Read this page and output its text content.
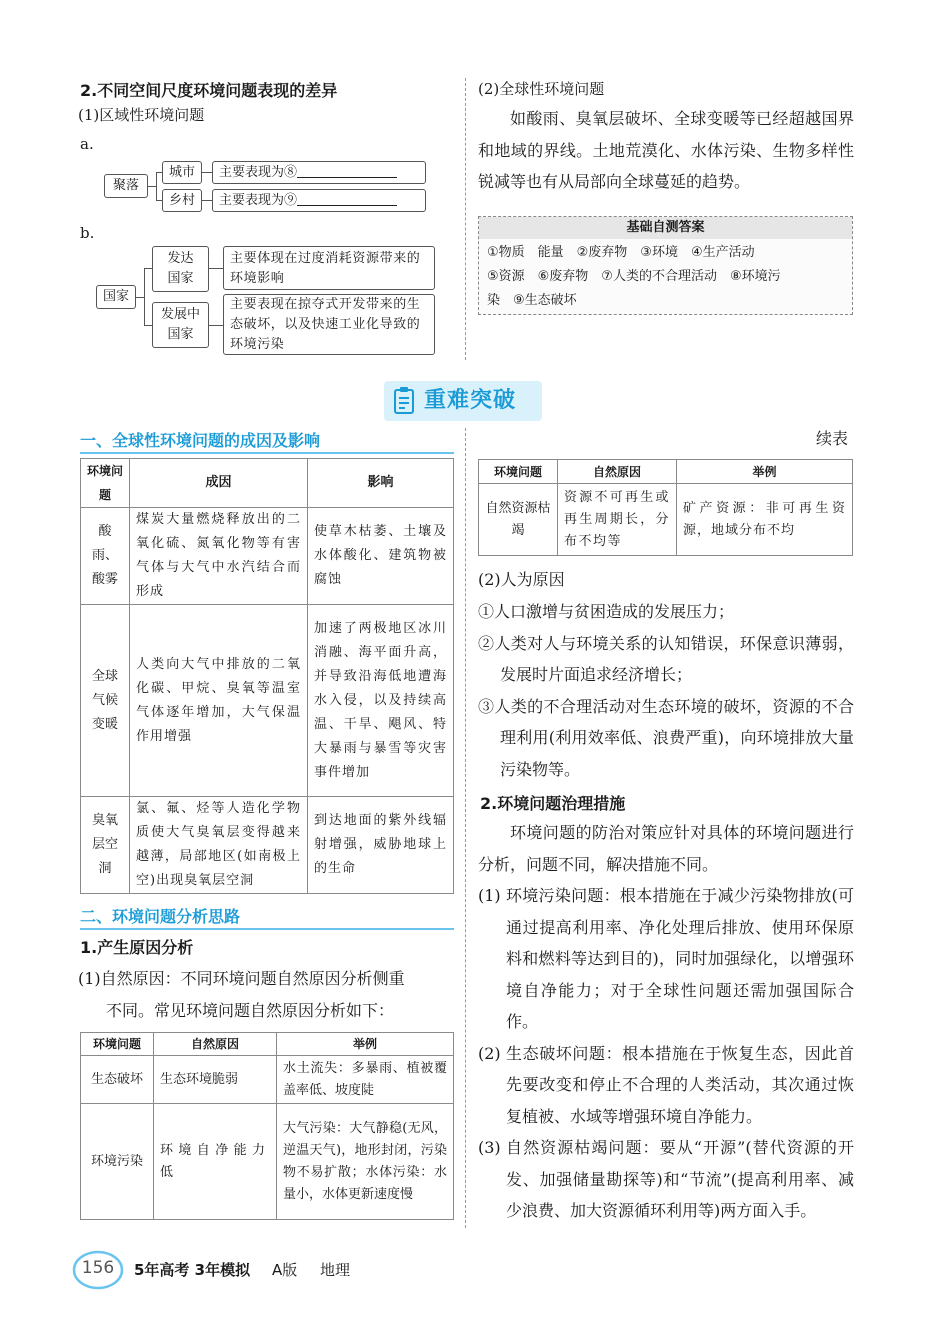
2.不同空间尺度环境问题表现的差异
(1)区域性环境问题
a.
聚落
城市
乡村
主要表现为⑧
主要表现为⑨
b.
国家
发达国家
发展中国家
主要体现在过度消耗资源带来的环境影响
主要表现在掠夺式开发带来的生态破坏，以及快速工业化导致的环境污染
(2)全球性环境问题
如酸雨、臭氧层破坏、全球变暖等已经超越国界和地域的界线。土地荒漠化、水体污染、生物多样性锐减等也有从局部向全球蔓延的趋势。
基础自测答案
①物质　能量　②废弃物　③环境　④生产活动
⑤资源　⑥废弃物　⑦人类的不合理活动　⑧环境污
染　⑨生态破坏
重难突破
一、全球性环境问题的成因及影响
环境问题	成因	影响
酸雨、酸雾	煤炭大量燃烧释放出的二氧化硫、氮氧化物等有害气体与大气中水汽结合而形成	使草木枯萎、土壤及水体酸化、建筑物被腐蚀
全球气候变暖	人类向大气中排放的二氧化碳、甲烷、臭氧等温室气体逐年增加，大气保温作用增强	加速了两极地区冰川消融、海平面升高，并导致沿海低地遭海水入侵，以及持续高温、干旱、飓风、特大暴雨与暴雪等灾害事件增加
臭氧层空洞	氯、氟、烃等人造化学物质使大气臭氧层变得越来越薄，局部地区(如南极上空)出现臭氧层空洞	到达地面的紫外线辐射增强，威胁地球上的生命
二、环境问题分析思路
1.产生原因分析
(1)自然原因：不同环境问题自然原因分析侧重
不同。常见环境问题自然原因分析如下：
环境问题	自然原因	举例
生态破坏	生态环境脆弱	水土流失：多暴雨、植被覆盖率低、坡度陡
环境污染	环境自净能力低	大气污染：大气静稳(无风，逆温天气)，地形封闭，污染物不易扩散；水体污染：水量小，水体更新速度慢
续表
环境问题	自然原因	举例
自然资源枯竭	资源不可再生或再生周期长，分布不均等	矿产资源：非可再生资源，地域分布不均
(2)人为原因
①人口激增与贫困造成的发展压力；
②人类对人与环境关系的认知错误，环保意识薄弱，发展时片面追求经济增长；
③人类的不合理活动对生态环境的破坏，资源的不合理利用(利用效率低、浪费严重)，向环境排放大量污染物等。
2.环境问题治理措施
环境问题的防治对策应针对具体的环境问题进行分析，问题不同，解决措施不同。
(1) 环境污染问题：根本措施在于减少污染物排放(可通过提高利用率、净化处理后排放、使用环保原料和燃料等达到目的)，同时加强绿化，以增强环境自净能力；对于全球性问题还需加强国际合作。
(2) 生态破坏问题：根本措施在于恢复生态，因此首先要改变和停止不合理的人类活动，其次通过恢复植被、水域等增强环境自净能力。
(3) 自然资源枯竭问题：要从“开源”(替代资源的开发、加强储量勘探等)和“节流”(提高利用率、减少浪费、加大资源循环利用等)两方面入手。
156	5年高考 3年模拟 A版 地理
